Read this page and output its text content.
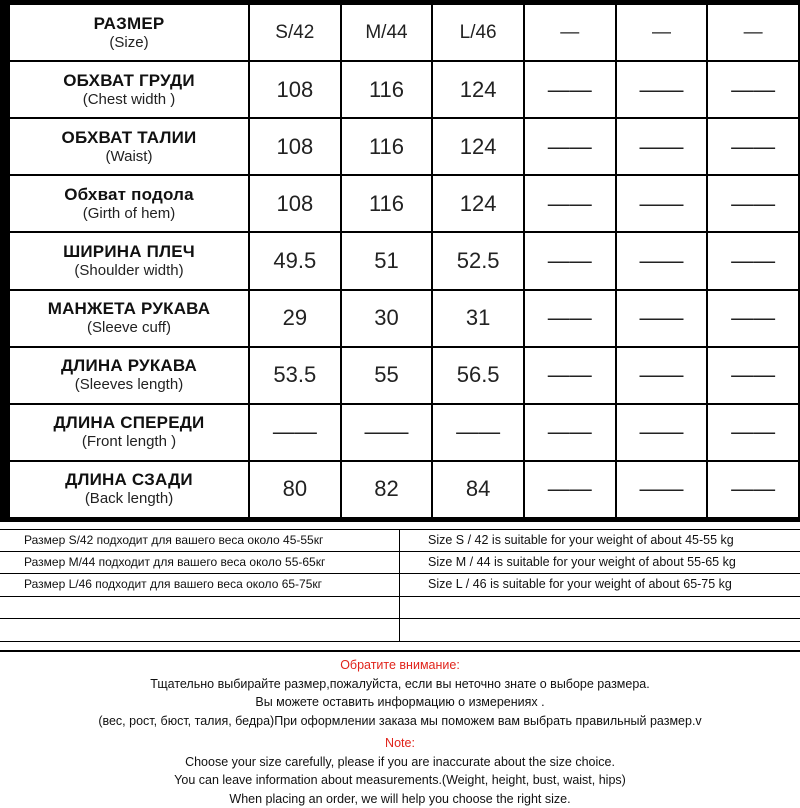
РАЗМЕР
(Size)	S/42	M/44	L/46	—	—	—

ОБХВАТ ГРУДИ
(Chest width )	108	116	124	——	——	——

ОБХВАТ ТАЛИИ
(Waist)	108	116	124	——	——	——

Обхват подола
(Girth of hem)	108	116	124	——	——	——

ШИРИНА ПЛЕЧ
(Shoulder width)	49.5	51	52.5	——	——	——

МАНЖЕТА РУКАВА
(Sleeve cuff)	29	30	31	——	——	——

ДЛИНА РУКАВА
(Sleeves length)	53.5	55	56.5	——	——	——

ДЛИНА СПЕРЕДИ
(Front length )	——	——	——	——	——	——

ДЛИНА СЗАДИ
(Back length)	80	82	84	——	——	——
Размер S/42 подходит для вашего веса около 45-55кг	Size S / 42 is suitable for your weight of about 45-55 kg
Размер M/44 подходит для вашего веса около 55-65кг	Size M / 44 is suitable for your weight of about 55-65 kg
Размер L/46 подходит для вашего веса около 65-75кг	Size L / 46 is suitable for your weight of about 65-75 kg
Обратите внимание:
Тщательно выбирайте размер,пожалуйста, если вы неточно знате о выборе размера.
Вы можете оставить информацию о измерениях .
(вес, рост, бюст, талия, бедра)При оформлении заказа мы поможем вам выбрать правильный размер.v
Note:
Choose your size carefully, please if you are inaccurate about the size choice.
You can leave information about measurements.(Weight, height, bust, waist, hips)
When placing an order, we will help you choose the right size.
